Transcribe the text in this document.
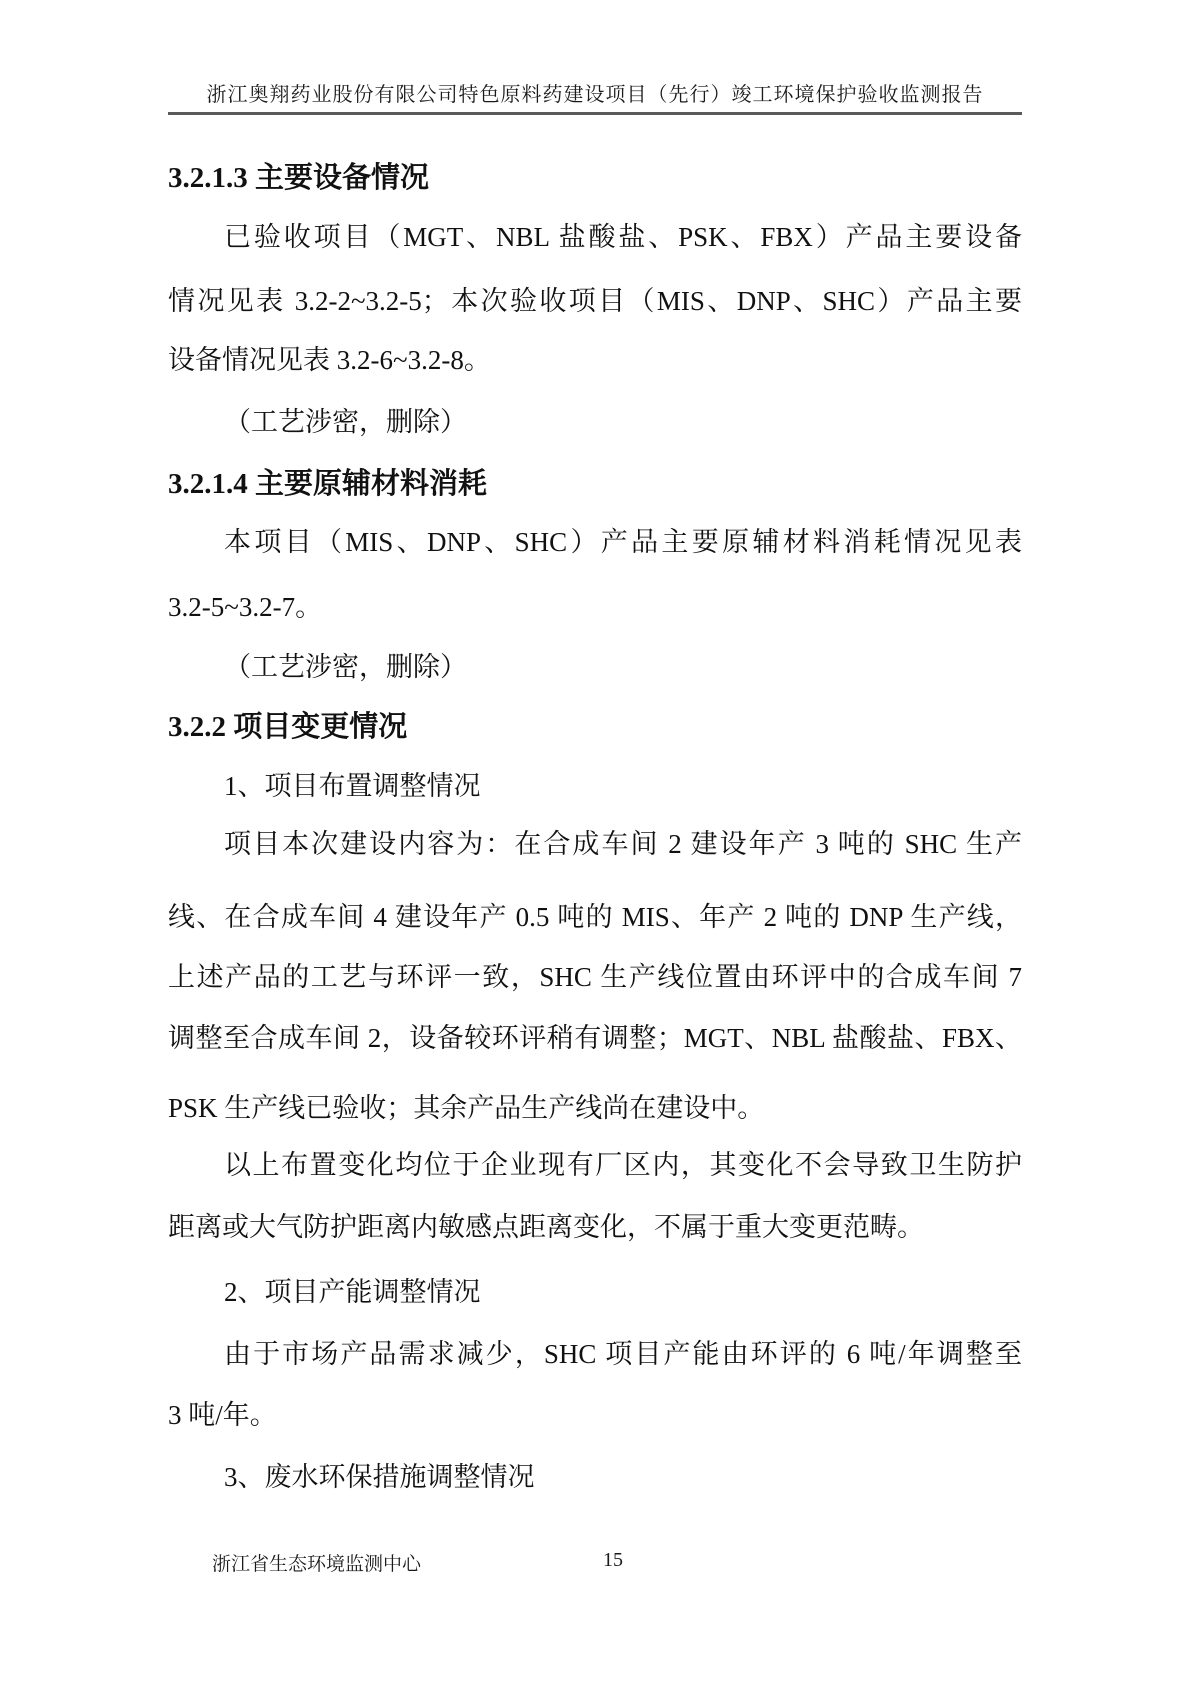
浙江奥翔药业股份有限公司特色原料药建设项目（先行）竣工环境保护验收监测报告
3.2.1.3 主要设备情况
已验收项目（MGT、NBL 盐酸盐、PSK、FBX）产品主要设备
情况见表 3.2-2~3.2-5；本次验收项目（MIS、DNP、SHC）产品主要
设备情况见表 3.2-6~3.2-8。
（工艺涉密，删除）
3.2.1.4 主要原辅材料消耗
本项目（MIS、DNP、SHC）产品主要原辅材料消耗情况见表
3.2-5~3.2-7。
（工艺涉密，删除）
3.2.2 项目变更情况
1、项目布置调整情况
项目本次建设内容为：在合成车间 2 建设年产 3 吨的 SHC 生产
线、在合成车间 4 建设年产 0.5 吨的 MIS、年产 2 吨的 DNP 生产线，
上述产品的工艺与环评一致，SHC 生产线位置由环评中的合成车间 7
调整至合成车间 2，设备较环评稍有调整；MGT、NBL 盐酸盐、FBX、
PSK 生产线已验收；其余产品生产线尚在建设中。
以上布置变化均位于企业现有厂区内，其变化不会导致卫生防护
距离或大气防护距离内敏感点距离变化，不属于重大变更范畴。
2、项目产能调整情况
由于市场产品需求减少，SHC 项目产能由环评的 6 吨/年调整至
3 吨/年。
3、废水环保措施调整情况
浙江省生态环境监测中心	15
